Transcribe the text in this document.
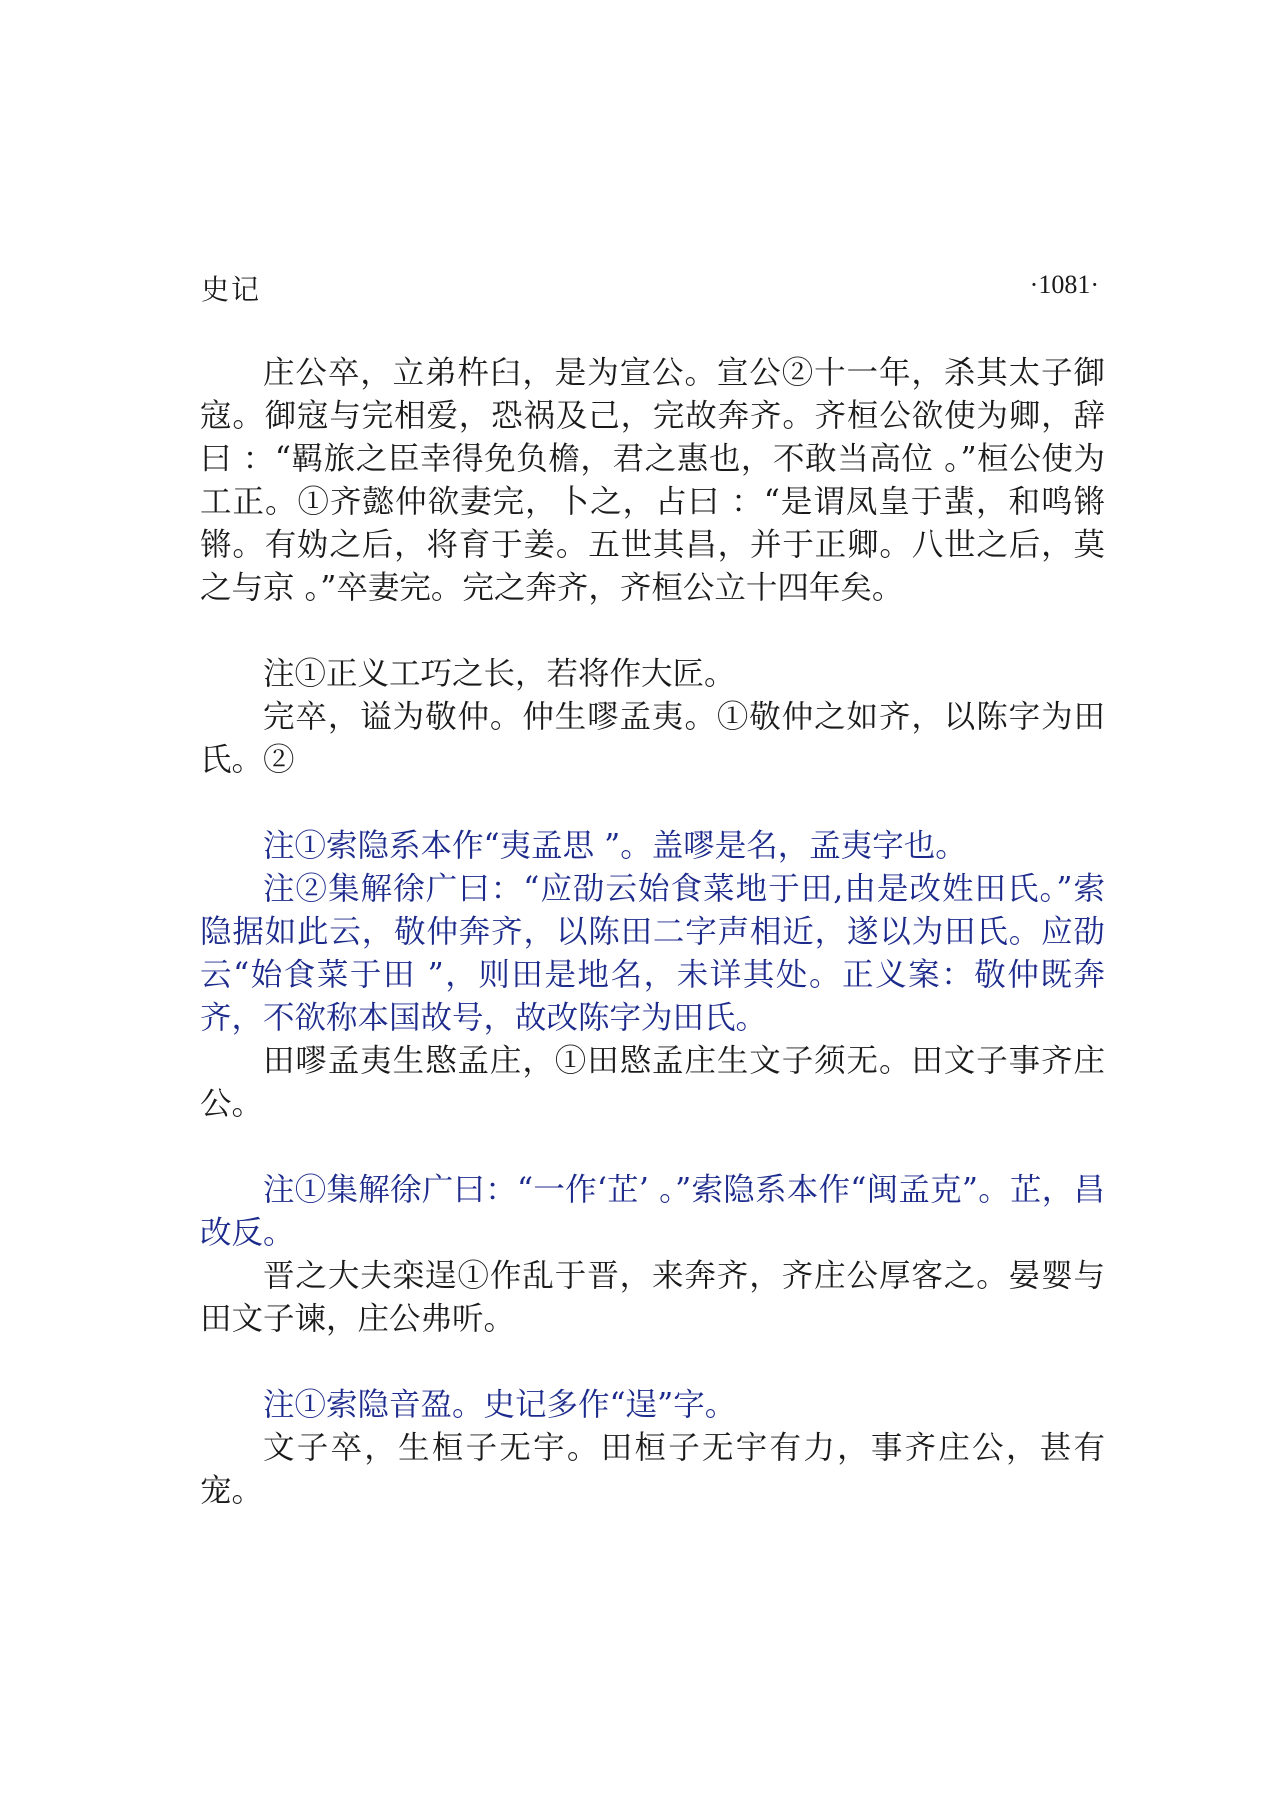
史记	·1081·

庄公卒，立弟杵臼，是为宣公。宣公②十一年，杀其太子御寇。御寇与完相爱，恐祸及己，完故奔齐。齐桓公欲使为卿，辞曰 ：“羁旅之臣幸得免负檐，君之惠也，不敢当高位 。”桓公使为工正。①齐懿仲欲妻完，卜之，占曰 ：“是谓凤皇于蜚，和鸣锵锵。有妫之后，将育于姜。五世其昌，并于正卿。八世之后，莫之与京 。”卒妻完。完之奔齐，齐桓公立十四年矣。

注①正义工巧之长，若将作大匠。

完卒，谥为敬仲。仲生嘐孟夷。①敬仲之如齐，以陈字为田氏。②

注①索隐系本作“夷孟思 ”。盖嘐是名，孟夷字也。

注②集解徐广曰：“应劭云始食菜地于田,由是改姓田氏。”索隐据如此云，敬仲奔齐，以陈田二字声相近，遂以为田氏。应劭云“始食菜于田 ”，则田是地名，未详其处。正义案：敬仲既奔齐，不欲称本国故号，故改陈字为田氏。

田嘐孟夷生愍孟庄，①田愍孟庄生文子须无。田文子事齐庄公。

注①集解徐广曰：“一作‘芷’ 。”索隐系本作“闽孟克”。芷，昌改反。

晋之大夫栾逞①作乱于晋，来奔齐，齐庄公厚客之。晏婴与田文子谏，庄公弗听。

注①索隐音盈。史记多作“逞”字。

文子卒，生桓子无宇。田桓子无宇有力，事齐庄公，甚有宠。
